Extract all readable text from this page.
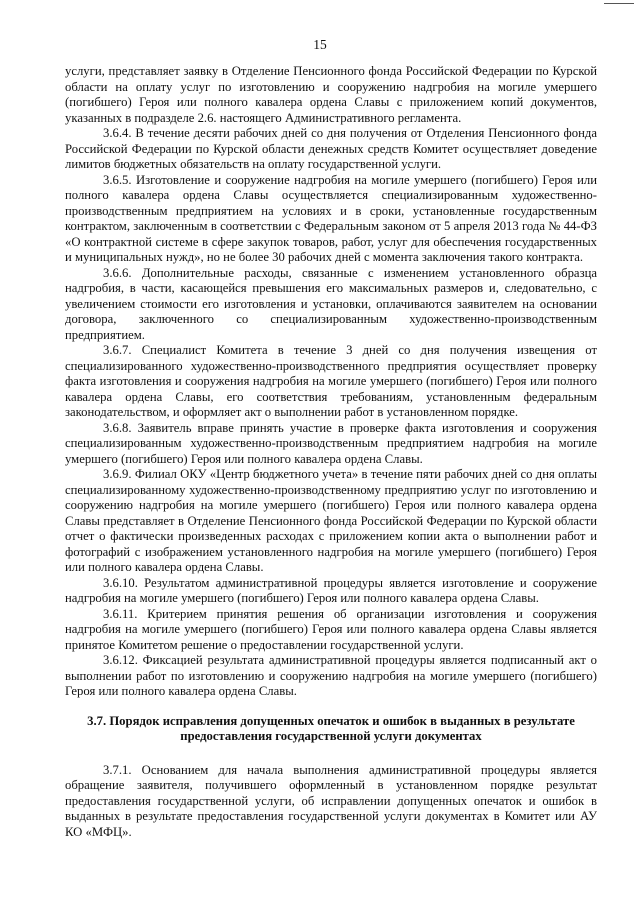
15

услуги, представляет заявку в Отделение Пенсионного фонда Российской Федерации по Курской области на оплату услуг по изготовлению и сооружению надгробия на могиле умершего (погибшего) Героя или полного кавалера ордена Славы с приложением копий документов, указанных в подразделе 2.6. настоящего Административного регламента.

3.6.4. В течение десяти рабочих дней со дня получения от Отделения Пенсионного фонда Российской Федерации по Курской области денежных средств Комитет осуществляет доведение лимитов бюджетных обязательств на оплату государственной услуги.

3.6.5. Изготовление и сооружение надгробия на могиле умершего (погибшего) Героя или полного кавалера ордена Славы осуществляется специализированным художественно-производственным предприятием на условиях и в сроки, установленные государственным контрактом, заключенным в соответствии с Федеральным законом от 5 апреля 2013 года № 44-ФЗ «О контрактной системе в сфере закупок товаров, работ, услуг для обеспечения государственных и муниципальных нужд», но не более 30 рабочих дней с момента заключения такого контракта.

3.6.6. Дополнительные расходы, связанные с изменением установленного образца надгробия, в части, касающейся превышения его максимальных размеров и, следовательно, с увеличением стоимости его изготовления и установки, оплачиваются заявителем на основании договора, заключенного со специализированным художественно-производственным предприятием.

3.6.7. Специалист Комитета в течение 3 дней со дня получения извещения от специализированного художественно-производственного предприятия осуществляет проверку факта изготовления и сооружения надгробия на могиле умершего (погибшего) Героя или полного кавалера ордена Славы, его соответствия требованиям, установленным федеральным законодательством, и оформляет акт о выполнении работ в установленном порядке.

3.6.8. Заявитель вправе принять участие в проверке факта изготовления и сооружения специализированным художественно-производственным предприятием надгробия на могиле умершего (погибшего) Героя или полного кавалера ордена Славы.

3.6.9. Филиал ОКУ «Центр бюджетного учета» в течение пяти рабочих дней со дня оплаты специализированному художественно-производственному предприятию услуг по изготовлению и сооружению надгробия на могиле умершего (погибшего) Героя или полного кавалера ордена Славы представляет в Отделение Пенсионного фонда Российской Федерации по Курской области отчет о фактически произведенных расходах с приложением копии акта о выполнении работ и фотографий с изображением установленного надгробия на могиле умершего (погибшего) Героя или полного кавалера ордена Славы.

3.6.10. Результатом административной процедуры является изготовление и сооружение надгробия на могиле умершего (погибшего) Героя или полного кавалера ордена Славы.

3.6.11. Критерием принятия решения об организации изготовления и сооружения надгробия на могиле умершего (погибшего) Героя или полного кавалера ордена Славы является принятое Комитетом решение о предоставлении государственной услуги.

3.6.12. Фиксацией результата административной процедуры является подписанный акт о выполнении работ по изготовлению и сооружению надгробия на могиле умершего (погибшего) Героя или полного кавалера ордена Славы.

3.7. Порядок исправления допущенных опечаток и ошибок в выданных в результате предоставления государственной услуги документах

3.7.1. Основанием для начала выполнения административной процедуры является обращение заявителя, получившего оформленный в установленном порядке результат предоставления государственной услуги, об исправлении допущенных опечаток и ошибок в выданных в результате предоставления государственной услуги документах в Комитет или АУ КО «МФЦ».
